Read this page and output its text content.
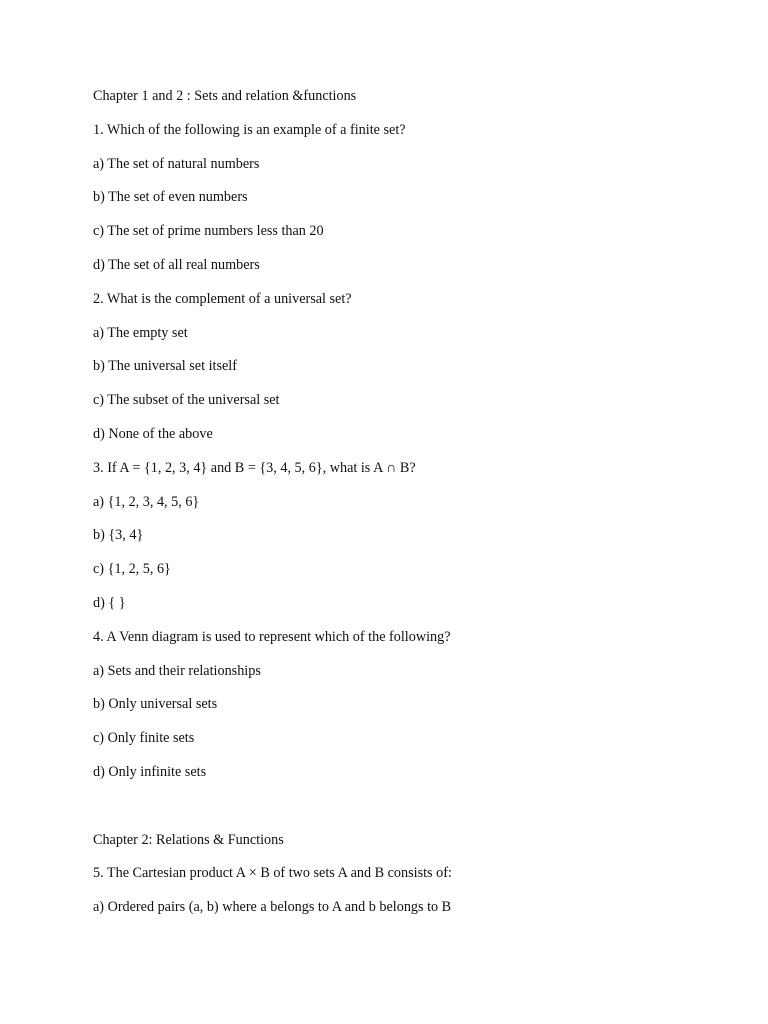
Chapter 1 and 2 : Sets and relation &functions
1. Which of the following is an example of a finite set?
a) The set of natural numbers
b) The set of even numbers
c) The set of prime numbers less than 20
d) The set of all real numbers
2. What is the complement of a universal set?
a) The empty set
b) The universal set itself
c) The subset of the universal set
d) None of the above
3. If A = {1, 2, 3, 4} and B = {3, 4, 5, 6}, what is A ∩ B?
a) {1, 2, 3, 4, 5, 6}
b) {3, 4}
c) {1, 2, 5, 6}
d) { }
4. A Venn diagram is used to represent which of the following?
a) Sets and their relationships
b) Only universal sets
c) Only finite sets
d) Only infinite sets
Chapter 2: Relations & Functions
5. The Cartesian product A × B of two sets A and B consists of:
a) Ordered pairs (a, b) where a belongs to A and b belongs to B
